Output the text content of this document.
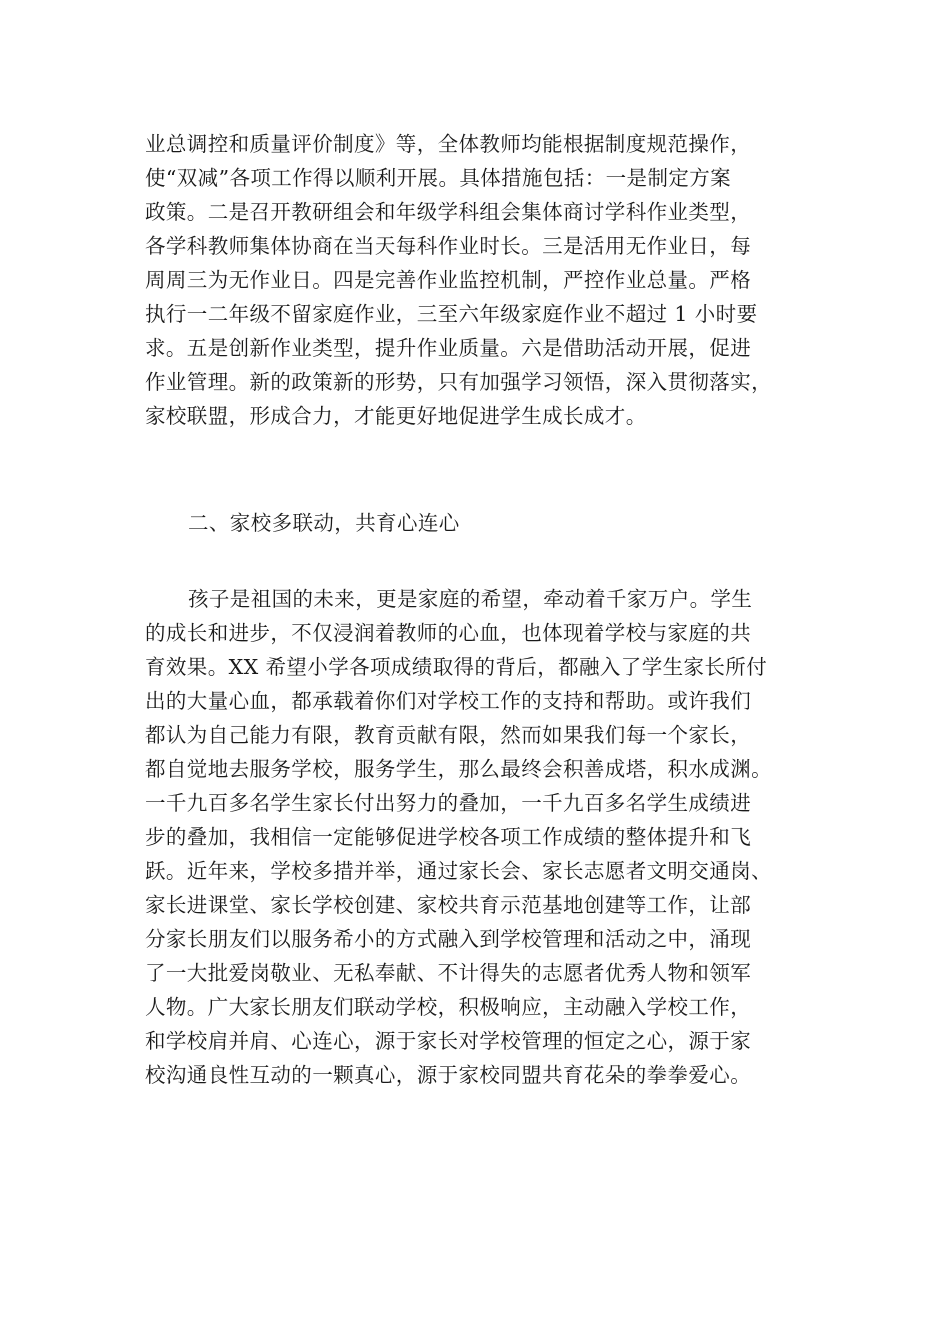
业总调控和质量评价制度》等，全体教师均能根据制度规范操作，
使“双减”各项工作得以顺利开展。具体措施包括：一是制定方案
政策。二是召开教研组会和年级学科组会集体商讨学科作业类型，
各学科教师集体协商在当天每科作业时长。三是活用无作业日，每
周周三为无作业日。四是完善作业监控机制，严控作业总量。严格
执行一二年级不留家庭作业，三至六年级家庭作业不超过 1 小时要
求。五是创新作业类型，提升作业质量。六是借助活动开展，促进
作业管理。新的政策新的形势，只有加强学习领悟，深入贯彻落实，
家校联盟，形成合力，才能更好地促进学生成长成才。
二、家校多联动，共育心连心
孩子是祖国的未来，更是家庭的希望，牵动着千家万户。学生
的成长和进步，不仅浸润着教师的心血，也体现着学校与家庭的共
育效果。XX 希望小学各项成绩取得的背后，都融入了学生家长所付
出的大量心血，都承载着你们对学校工作的支持和帮助。或许我们
都认为自己能力有限，教育贡献有限，然而如果我们每一个家长，
都自觉地去服务学校，服务学生，那么最终会积善成塔，积水成渊。
一千九百多名学生家长付出努力的叠加，一千九百多名学生成绩进
步的叠加，我相信一定能够促进学校各项工作成绩的整体提升和飞
跃。近年来，学校多措并举，通过家长会、家长志愿者文明交通岗、
家长进课堂、家长学校创建、家校共育示范基地创建等工作，让部
分家长朋友们以服务希小的方式融入到学校管理和活动之中，涌现
了一大批爱岗敬业、无私奉献、不计得失的志愿者优秀人物和领军
人物。广大家长朋友们联动学校，积极响应，主动融入学校工作，
和学校肩并肩、心连心，源于家长对学校管理的恒定之心，源于家
校沟通良性互动的一颗真心，源于家校同盟共育花朵的拳拳爱心。
